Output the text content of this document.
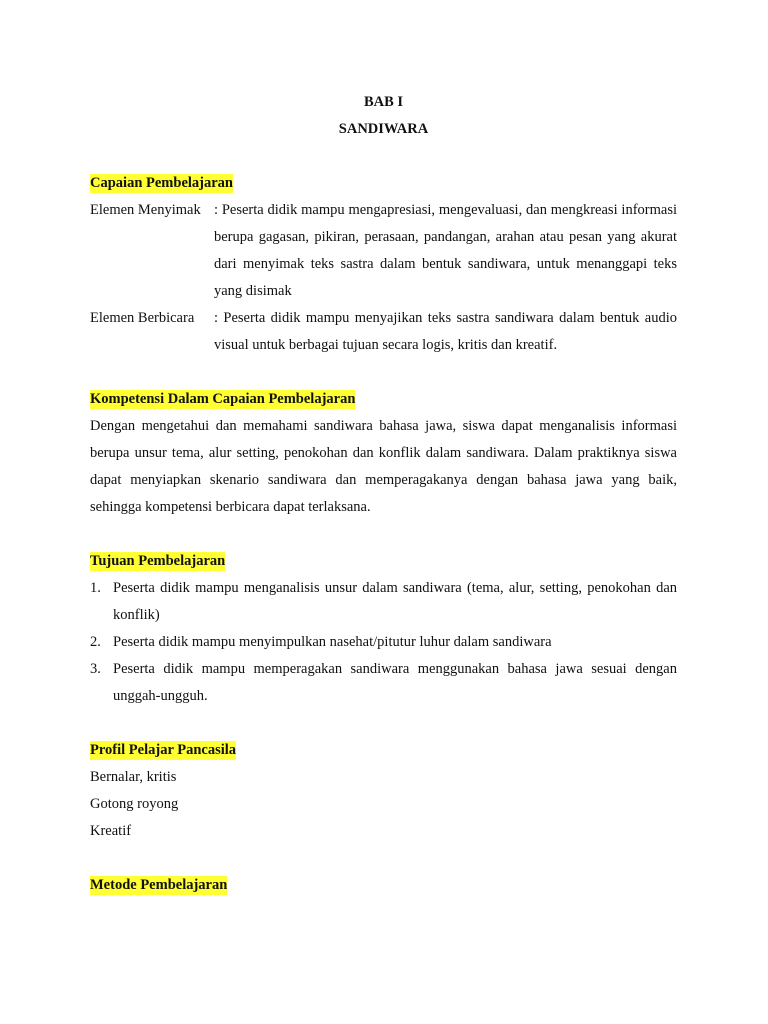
BAB I
SANDIWARA
Capaian Pembelajaran
Elemen Menyimak : Peserta didik mampu mengapresiasi, mengevaluasi, dan mengkreasi informasi berupa gagasan, pikiran, perasaan, pandangan, arahan atau pesan yang akurat dari menyimak teks sastra dalam bentuk sandiwara, untuk menanggapi teks yang disimak
Elemen Berbicara	: Peserta didik mampu menyajikan teks sastra sandiwara dalam bentuk audio visual untuk berbagai tujuan secara logis, kritis dan kreatif.
Kompetensi Dalam Capaian Pembelajaran
Dengan mengetahui dan memahami sandiwara bahasa jawa, siswa dapat menganalisis informasi berupa unsur tema, alur setting, penokohan dan konflik dalam sandiwara. Dalam praktiknya siswa dapat menyiapkan skenario sandiwara dan memperagakanya dengan bahasa jawa yang baik, sehingga kompetensi berbicara dapat terlaksana.
Tujuan Pembelajaran
1. Peserta didik mampu menganalisis unsur dalam sandiwara (tema, alur, setting, penokohan dan konflik)
2. Peserta didik mampu menyimpulkan nasehat/pitutur luhur dalam sandiwara
3. Peserta didik mampu memperagakan sandiwara menggunakan bahasa jawa sesuai dengan unggah-ungguh.
Profil Pelajar Pancasila
Bernalar, kritis
Gotong royong
Kreatif
Metode Pembelajaran
